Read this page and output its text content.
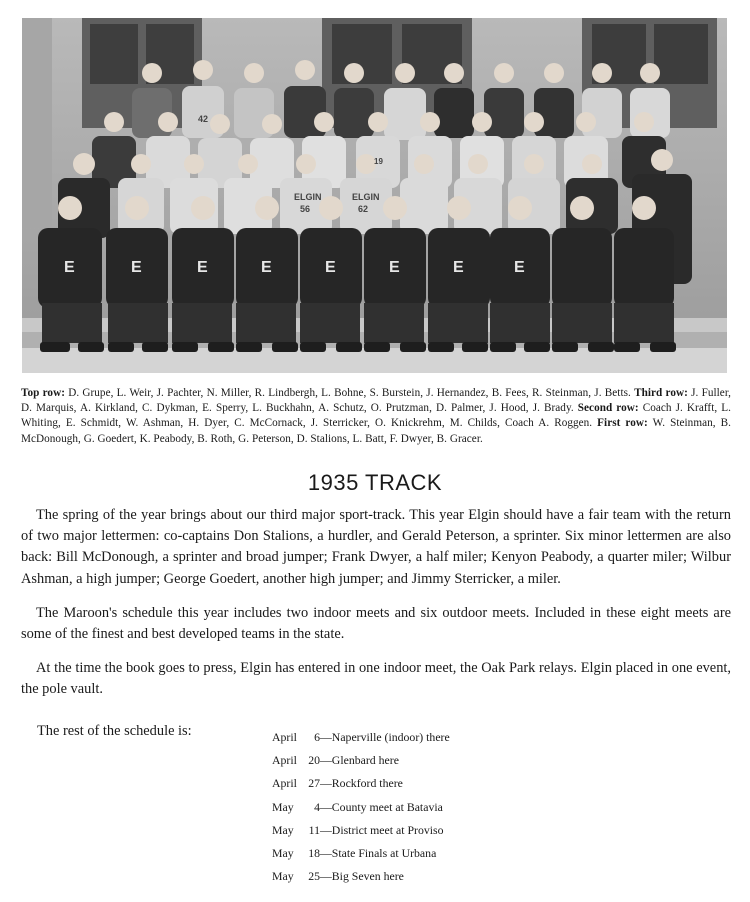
ELGIN
56
ELGIN
62
42
19
E	E	E	E	E	E	E	E
Top row: D. Grupe, L. Weir, J. Pachter, N. Miller, R. Lindbergh, L. Bohne, S. Burstein, J. Hernandez, B. Fees, R. Steinman, J. Betts. Third row: J. Fuller, D. Marquis, A. Kirkland, C. Dykman, E. Sperry, L. Buckhahn, A. Schutz, O. Prutzman, D. Palmer, J. Hood, J. Brady. Second row: Coach J. Krafft, L. Whiting, E. Schmidt, W. Ashman, H. Dyer, C. McCornack, J. Sterricker, O. Knickrehm, M. Childs, Coach A. Roggen. First row: W. Steinman, B. McDonough, G. Goedert, K. Peabody, B. Roth, G. Peterson, D. Stalions, L. Batt, F. Dwyer, B. Gracer.
1935 TRACK

The spring of the year brings about our third major sport-track. This year Elgin should have a fair team with the return of two major lettermen: co-captains Don Stalions, a hurdler, and Gerald Peterson, a sprinter. Six minor lettermen are also back: Bill McDonough, a sprinter and broad jumper; Frank Dwyer, a half miler; Kenyon Peabody, a quarter miler; Wilbur Ashman, a high jumper; George Goedert, another high jumper; and Jimmy Sterricker, a miler.

The Maroon's schedule this year includes two indoor meets and six outdoor meets. Included in these eight meets are some of the finest and best developed teams in the state.

At the time the book goes to press, Elgin has entered in one indoor meet, the Oak Park relays. Elgin placed in one event, the pole vault.

The rest of the schedule is:	April	6 —Naperville (indoor) there
April 20 —Glenbard here
April 27 —Rockford there
May	4 —County meet at Batavia
May	11 —District meet at Proviso
May	18 —State Finals at Urbana
May	25 —Big Seven here
